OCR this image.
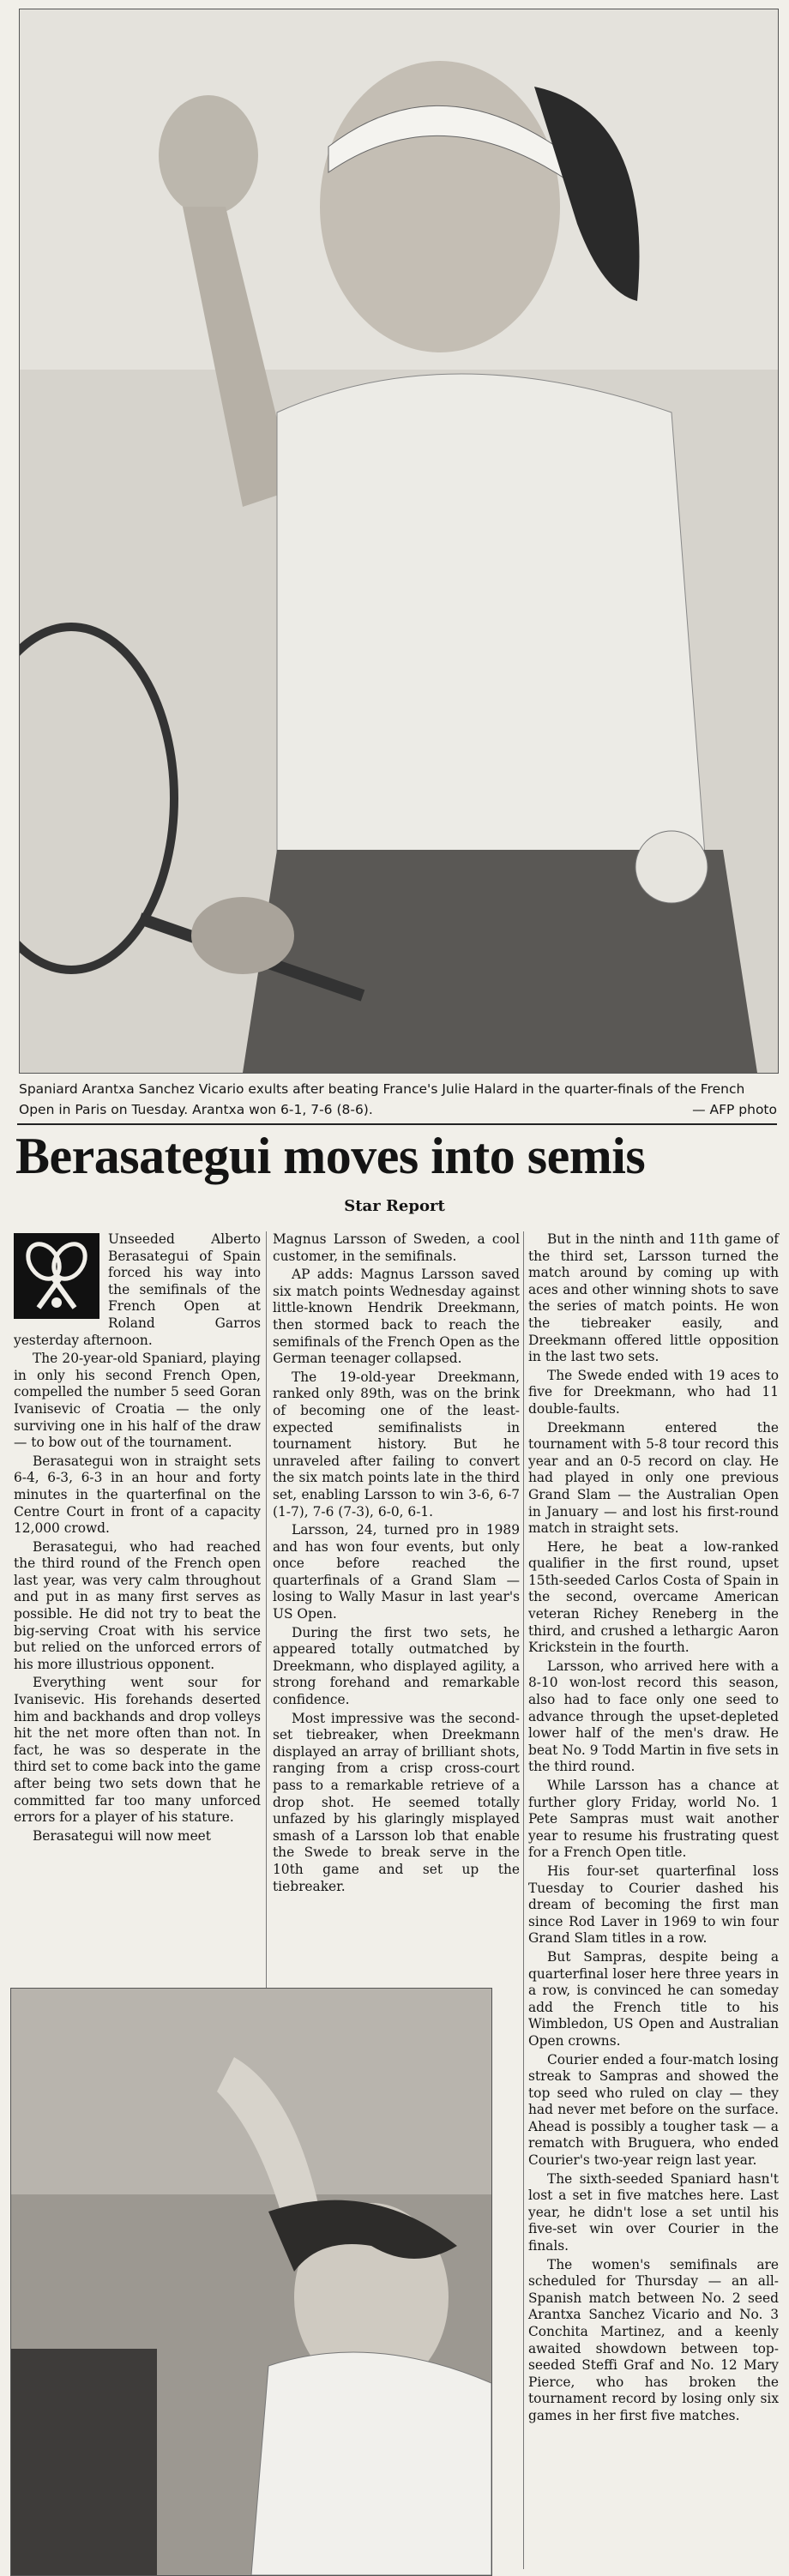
Spaniard Arantxa Sanchez Vicario exults after beating France's Julie Halard in the quarter-finals of the French Open in Paris on Tuesday. Arantxa won 6-1, 7-6 (8-6).	— AFP photo

Berasategui moves into semis

Star Report

Unseeded Alberto Berasategui of Spain forced his way into the semifinals of the French Open at Roland Garros yesterday afternoon.

The 20-year-old Spaniard, playing in only his second French Open, compelled the number 5 seed Goran Ivanisevic of Croatia — the only surviving one in his half of the draw — to bow out of the tournament.

Berasategui won in straight sets 6-4, 6-3, 6-3 in an hour and forty minutes in the quarterfinal on the Centre Court in front of a capacity 12,000 crowd.

Berasategui, who had reached the third round of the French open last year, was very calm throughout and put in as many first serves as possible. He did not try to beat the big-serving Croat with his service but relied on the unforced errors of his more illustrious opponent.

Everything went sour for Ivanisevic. His forehands deserted him and backhands and drop volleys hit the net more often than not. In fact, he was so desperate in the third set to come back into the game after being two sets down that he committed far too many unforced errors for a player of his stature.

Berasategui will now meet

Magnus Larsson of Sweden, a cool customer, in the semifinals.

AP adds: Magnus Larsson saved six match points Wednesday against little-known Hendrik Dreekmann, then stormed back to reach the semifinals of the French Open as the German teenager collapsed.

The 19-old-year Dreekmann, ranked only 89th, was on the brink of becoming one of the least-expected semifinalists in tournament history. But he unraveled after failing to convert the six match points late in the third set, enabling Larsson to win 3-6, 6-7 (1-7), 7-6 (7-3), 6-0, 6-1.

Larsson, 24, turned pro in 1989 and has won four events, but only once before reached the quarterfinals of a Grand Slam — losing to Wally Masur in last year's US Open.

During the first two sets, he appeared totally outmatched by Dreekmann, who displayed agility, a strong forehand and remarkable confidence.

Most impressive was the second-set tiebreaker, when Dreekmann displayed an array of brilliant shots, ranging from a crisp cross-court pass to a remarkable retrieve of a drop shot. He seemed totally unfazed by his glaringly misplayed smash of a Larsson lob that enable the Swede to break serve in the 10th game and set up the tiebreaker.

But in the ninth and 11th game of the third set, Larsson turned the match around by coming up with aces and other winning shots to save the series of match points. He won the tiebreaker easily, and Dreekmann offered little opposition in the last two sets.

The Swede ended with 19 aces to five for Dreekmann, who had 11 double-faults.

Dreekmann entered the tournament with 5-8 tour record this year and an 0-5 record on clay. He had played in only one previous Grand Slam — the Australian Open in January — and lost his first-round match in straight sets.

Here, he beat a low-ranked qualifier in the first round, upset 15th-seeded Carlos Costa of Spain in the second, overcame American veteran Richey Reneberg in the third, and crushed a lethargic Aaron Krickstein in the fourth.

Larsson, who arrived here with a 8-10 won-lost record this season, also had to face only one seed to advance through the upset-depleted lower half of the men's draw. He beat No. 9 Todd Martin in five sets in the third round.

While Larsson has a chance at further glory Friday, world No. 1 Pete Sampras must wait another year to resume his frustrating quest for a French Open title.

His four-set quarterfinal loss Tuesday to Courier dashed his dream of becoming the first man since Rod Laver in 1969 to win four Grand Slam titles in a row.

But Sampras, despite being a quarterfinal loser here three years in a row, is convinced he can someday add the French title to his Wimbledon, US Open and Australian Open crowns.

Courier ended a four-match losing streak to Sampras and showed the top seed who ruled on clay — they had never met before on the surface. Ahead is possibly a tougher task — a rematch with Bruguera, who ended Courier's two-year reign last year.

The sixth-seeded Spaniard hasn't lost a set in five matches here. Last year, he didn't lose a set until his five-set win over Courier in the finals.

The women's semifinals are scheduled for Thursday — an all-Spanish match between No. 2 seed Arantxa Sanchez Vicario and No. 3 Conchita Martinez, and a keenly awaited showdown between top-seeded Steffi Graf and No. 12 Mary Pierce, who has broken the tournament record by losing only six games in her first five matches.
